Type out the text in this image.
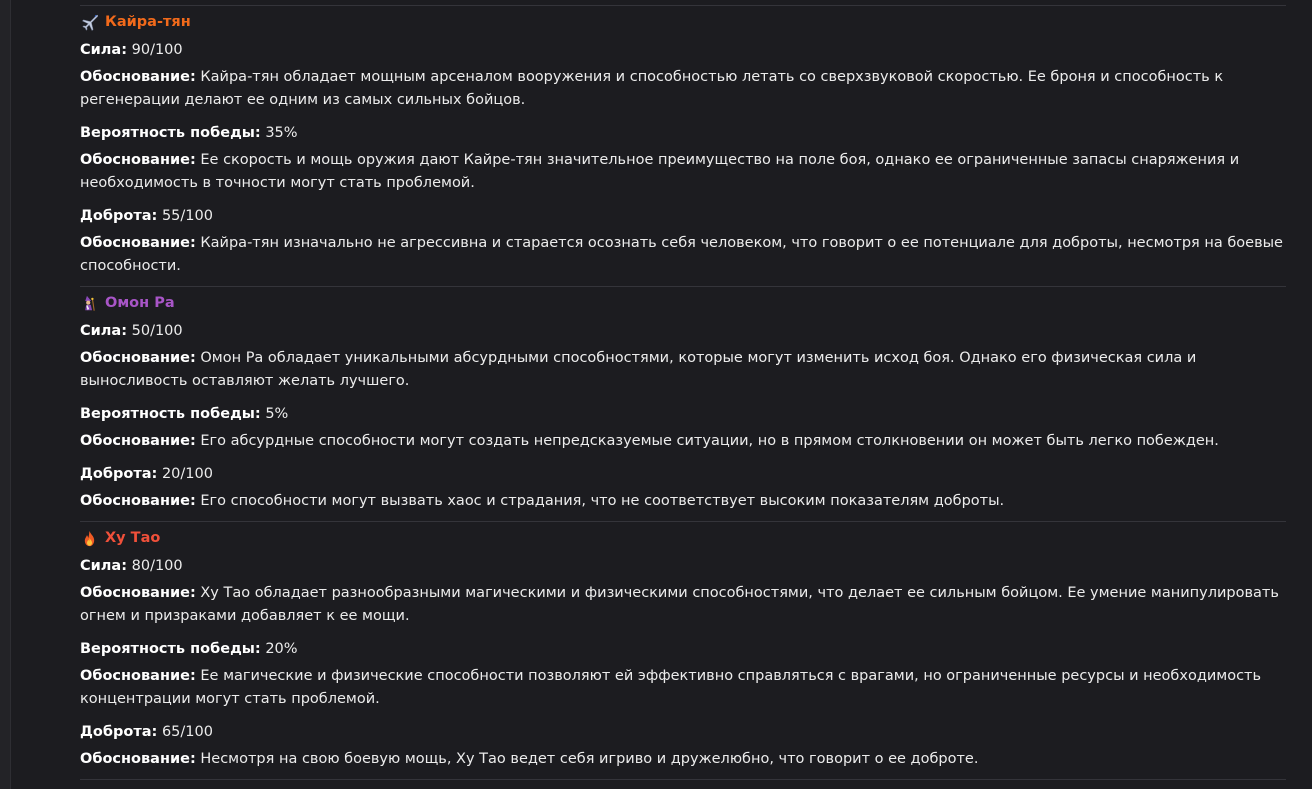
Кайра-тян

Сила: 90/100

Обоснование: Кайра-тян обладает мощным арсеналом вооружения и способностью летать со сверхзвуковой скоростью. Ее броня и способность к регенерации делают ее одним из самых сильных бойцов.

Вероятность победы: 35%

Обоснование: Ее скорость и мощь оружия дают Кайре-тян значительное преимущество на поле боя, однако ее ограниченные запасы снаряжения и необходимость в точности могут стать проблемой.

Доброта: 55/100

Обоснование: Кайра-тян изначально не агрессивна и старается осознать себя человеком, что говорит о ее потенциале для доброты, несмотря на боевые способности.

Омон Ра

Сила: 50/100

Обоснование: Омон Ра обладает уникальными абсурдными способностями, которые могут изменить исход боя. Однако его физическая сила и выносливость оставляют желать лучшего.

Вероятность победы: 5%

Обоснование: Его абсурдные способности могут создать непредсказуемые ситуации, но в прямом столкновении он может быть легко побежден.

Доброта: 20/100

Обоснование: Его способности могут вызвать хаос и страдания, что не соответствует высоким показателям доброты.

Ху Тао

Сила: 80/100

Обоснование: Ху Тао обладает разнообразными магическими и физическими способностями, что делает ее сильным бойцом. Ее умение манипулировать огнем и призраками добавляет к ее мощи.

Вероятность победы: 20%

Обоснование: Ее магические и физические способности позволяют ей эффективно справляться с врагами, но ограниченные ресурсы и необходимость концентрации могут стать проблемой.

Доброта: 65/100

Обоснование: Несмотря на свою боевую мощь, Ху Тао ведет себя игриво и дружелюбно, что говорит о ее доброте.
